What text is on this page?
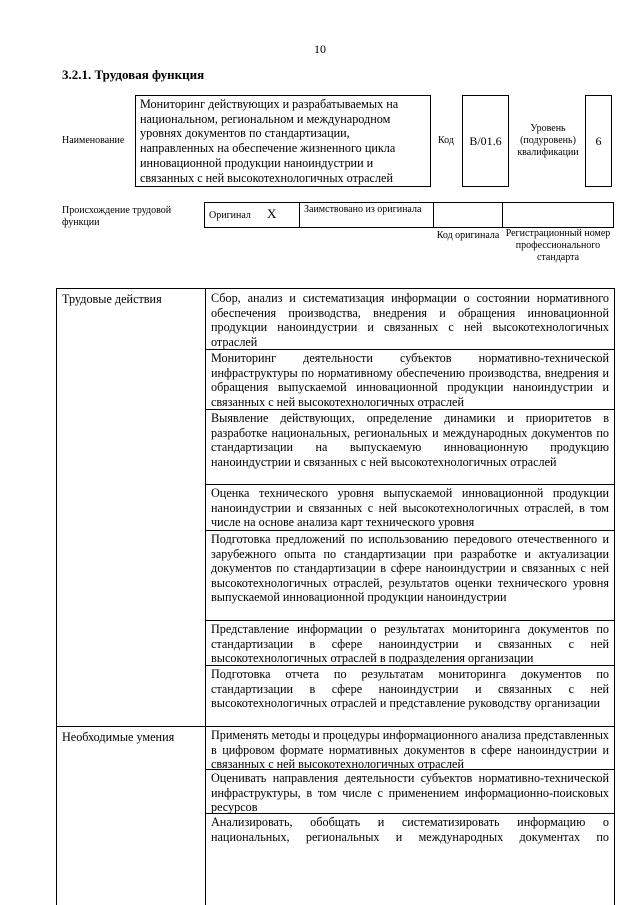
10
3.2.1. Трудовая функция
Наименование
Мониторинг действующих и разрабатываемых на национальном, региональном и международном уровнях документов по стандартизации, направленных на обеспечение жизненного цикла инновационной продукции наноиндустрии и связанных с ней высокотехнологичных отраслей
Код B/01.6
Уровень (подуровень) квалификации
6
Происхождение трудовой функции
Оригинал X	Заимствовано из оригинала
Код оригинала Регистрационный номер профессионального стандарта
Трудовые действия
Необходимые умения
Сбор, анализ и систематизация информации о состоянии нормативного обеспечения производства, внедрения и обращения инновационной продукции наноиндустрии и связанных с ней высокотехнологичных отраслей
Мониторинг деятельности субъектов нормативно-технической инфраструктуры по нормативному обеспечению производства, внедрения и обращения выпускаемой инновационной продукции наноиндустрии и связанных с ней высокотехнологичных отраслей
Выявление действующих, определение динамики и приоритетов в разработке национальных, региональных и международных документов по стандартизации на выпускаемую инновационную продукцию наноиндустрии и связанных с ней высокотехнологичных отраслей
Оценка технического уровня выпускаемой инновационной продукции наноиндустрии и связанных с ней высокотехнологичных отраслей, в том числе на основе анализа карт технического уровня
Подготовка предложений по использованию передового отечественного и зарубежного опыта по стандартизации при разработке и актуализации документов по стандартизации в сфере наноиндустрии и связанных с ней высокотехнологичных отраслей, результатов оценки технического уровня выпускаемой инновационной продукции наноиндустрии
Представление информации о результатах мониторинга документов по стандартизации в сфере наноиндустрии и связанных с ней высокотехнологичных отраслей в подразделения организации
Подготовка отчета по результатам мониторинга документов по стандартизации в сфере наноиндустрии и связанных с ней высокотехнологичных отраслей и представление руководству организации
Применять методы и процедуры информационного анализа представленных в цифровом формате нормативных документов в сфере наноиндустрии и связанных с ней высокотехнологичных отраслей
Оценивать направления деятельности субъектов нормативно-технической инфраструктуры, в том числе с применением информационно-поисковых ресурсов
Анализировать, обобщать и систематизировать информацию о национальных, региональных и международных документах по
